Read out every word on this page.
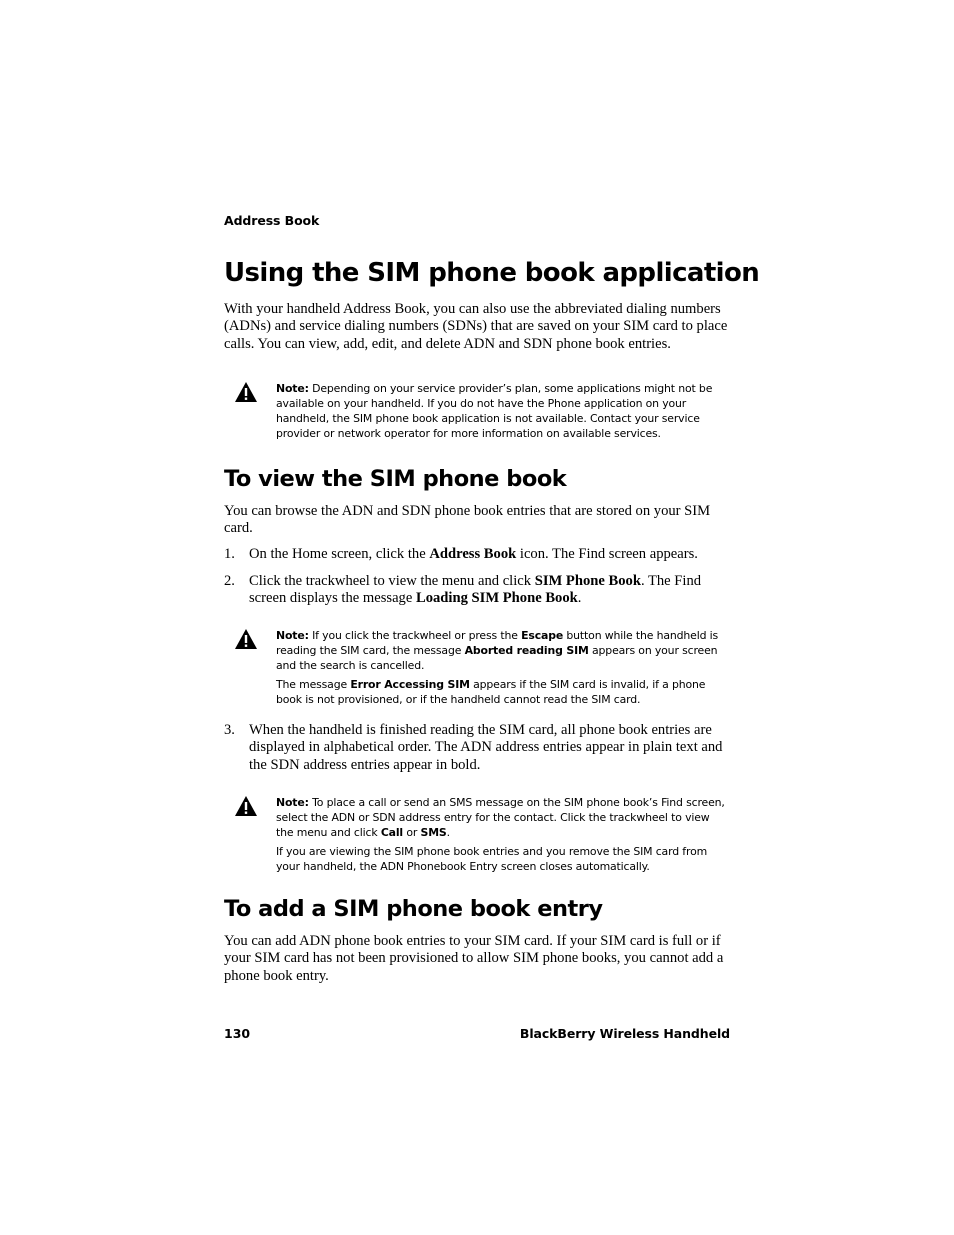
Address Book
Using the SIM phone book application

With your handheld Address Book, you can also use the abbreviated dialing numbers (ADNs) and service dialing numbers (SDNs) that are saved on your SIM card to place calls. You can view, add, edit, and delete ADN and SDN phone book entries.

Note: Depending on your service provider’s plan, some applications might not be available on your handheld. If you do not have the Phone application on your handheld, the SIM phone book application is not available. Contact your service provider or network operator for more information on available services.

To view the SIM phone book

You can browse the ADN and SDN phone book entries that are stored on your SIM card.

1. On the Home screen, click the Address Book icon. The Find screen appears.
2. Click the trackwheel to view the menu and click SIM Phone Book. The Find screen displays the message Loading SIM Phone Book.

Note: If you click the trackwheel or press the Escape button while the handheld is reading the SIM card, the message Aborted reading SIM appears on your screen and the search is cancelled.

The message Error Accessing SIM appears if the SIM card is invalid, if a phone book is not provisioned, or if the handheld cannot read the SIM card.

3. When the handheld is finished reading the SIM card, all phone book entries are displayed in alphabetical order. The ADN address entries appear in plain text and the SDN address entries appear in bold.

Note: To place a call or send an SMS message on the SIM phone book’s Find screen, select the ADN or SDN address entry for the contact. Click the trackwheel to view the menu and click Call or SMS.

If you are viewing the SIM phone book entries and you remove the SIM card from your handheld, the ADN Phonebook Entry screen closes automatically.

To add a SIM phone book entry

You can add ADN phone book entries to your SIM card. If your SIM card is full or if your SIM card has not been provisioned to allow SIM phone books, you cannot add a phone book entry.

130	BlackBerry Wireless Handheld
